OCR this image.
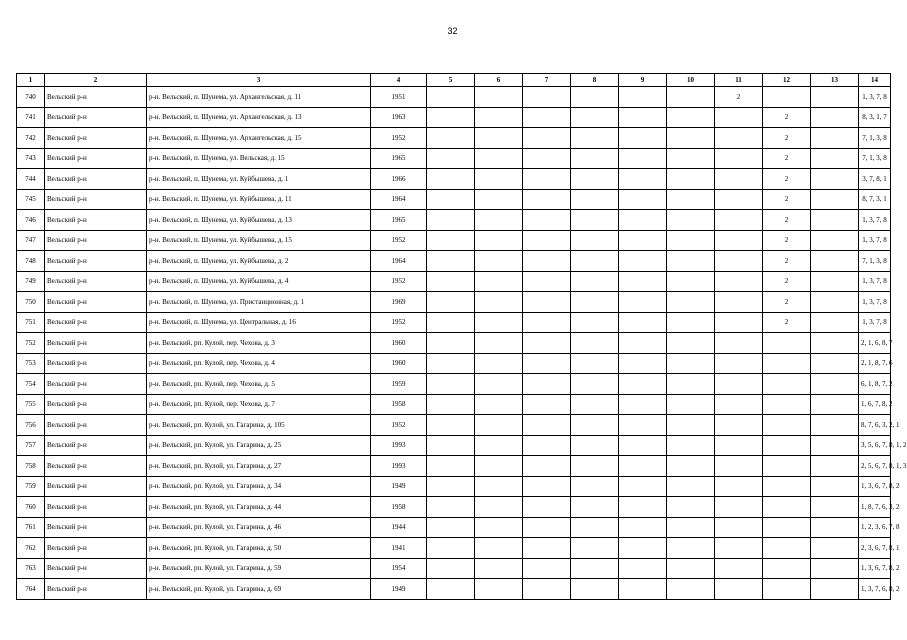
32
1	2	3	4	5	6	7	8	9	10	11	12	13	14
740	Вельский р-н	р-н. Вельский, п. Шунема, ул. Архангельская, д. 11	1951							2			1, 3, 7, 8
741	Вельский р-н	р-н. Вельский, п. Шунема, ул. Архангельская, д. 13	1963								2		8, 3, 1, 7
742	Вельский р-н	р-н. Вельский, п. Шунема, ул. Архангельская, д. 15	1952								2		7, 1, 3, 8
743	Вельский р-н	р-н. Вельский, п. Шунема, ул. Вельская, д. 15	1965								2		7, 1, 3, 8
744	Вельский р-н	р-н. Вельский, п. Шунема, ул. Куйбышева, д. 1	1966								2		3, 7, 8, 1
745	Вельский р-н	р-н. Вельский, п. Шунема, ул. Куйбышева, д. 11	1964								2		8, 7, 3, 1
746	Вельский р-н	р-н. Вельский, п. Шунема, ул. Куйбышева, д. 13	1965								2		1, 3, 7, 8
747	Вельский р-н	р-н. Вельский, п. Шунема, ул. Куйбышева, д. 15	1952								2		1, 3, 7, 8
748	Вельский р-н	р-н. Вельский, п. Шунема, ул. Куйбышева, д. 2	1964								2		7, 1, 3, 8
749	Вельский р-н	р-н. Вельский, п. Шунема, ул. Куйбышева, д. 4	1952								2		1, 3, 7, 8
750	Вельский р-н	р-н. Вельский, п. Шунема, ул. Пристанционная, д. 1	1969								2		1, 3, 7, 8
751	Вельский р-н	р-н. Вельский, п. Шунема, ул. Центральная, д. 16	1952								2		1, 3, 7, 8
752	Вельский р-н	р-н. Вельский, рп. Кулой, пер. Чехова, д. 3	1960										2, 1, 6, 8, 7
753	Вельский р-н	р-н. Вельский, рп. Кулой, пер. Чехова, д. 4	1960										2, 1, 8, 7, 6
754	Вельский р-н	р-н. Вельский, рп. Кулой, пер. Чехова, д. 5	1959										6, 1, 8, 7, 2
755	Вельский р-н	р-н. Вельский, рп. Кулой, пер. Чехова, д. 7	1958										1, 6, 7, 8, 2
756	Вельский р-н	р-н. Вельский, рп. Кулой, ул. Гагарина, д. 105	1952										8, 7, 6, 3, 2, 1
757	Вельский р-н	р-н. Вельский, рп. Кулой, ул. Гагарина, д. 25	1993										3, 5, 6, 7, 8, 1, 2
758	Вельский р-н	р-н. Вельский, рп. Кулой, ул. Гагарина, д. 27	1993										2, 5, 6, 7, 8, 1, 3
759	Вельский р-н	р-н. Вельский, рп. Кулой, ул. Гагарина, д. 34	1949										1, 3, 6, 7, 8, 2
760	Вельский р-н	р-н. Вельский, рп. Кулой, ул. Гагарина, д. 44	1958										1, 8, 7, 6, 3, 2
761	Вельский р-н	р-н. Вельский, рп. Кулой, ул. Гагарина, д. 46	1944										1, 2, 3, 6, 7, 8
762	Вельский р-н	р-н. Вельский, рп. Кулой, ул. Гагарина, д. 50	1941										2, 3, 6, 7, 8, 1
763	Вельский р-н	р-н. Вельский, рп. Кулой, ул. Гагарина, д. 59	1954										1, 3, 6, 7, 8, 2
764	Вельский р-н	р-н. Вельский, рп. Кулой, ул. Гагарина, д. 69	1949										1, 3, 7, 6, 8, 2
